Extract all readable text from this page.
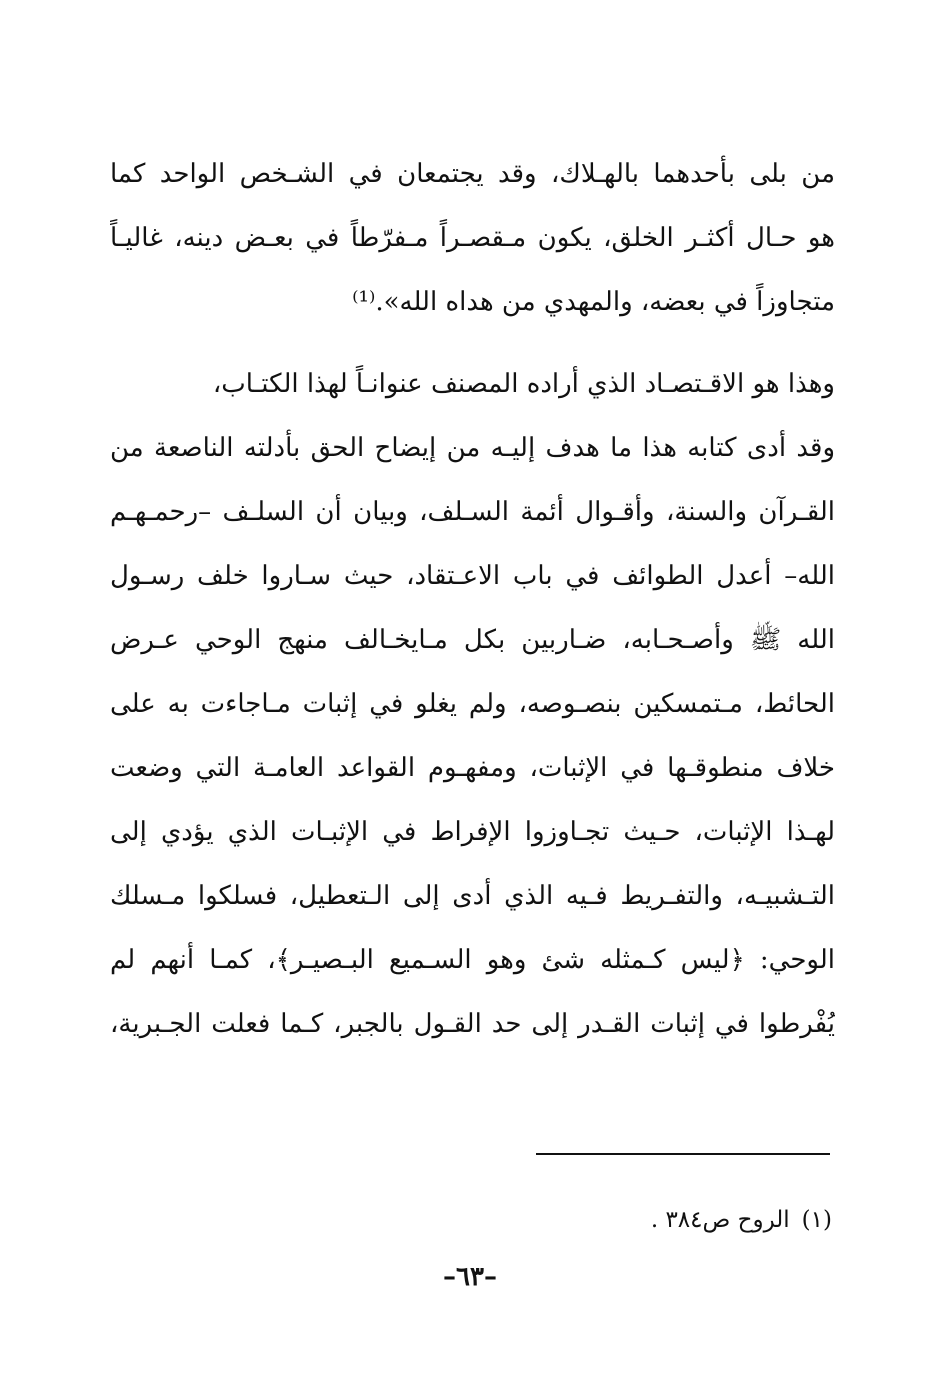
من بلى بأحدهما بالهـلاك، وقد يجتمعان في الشـخص الواحد كما
هو حـال أكثـر الخلق، يكون مـقصـراً مـفرّطاً في بعـض دينه، غاليـاً
متجاوزاً في بعضه، والمهدي من هداه الله».⁽¹⁾
وهذا هو الاقـتصـاد الذي أراده المصنف عنوانـاً لهذا الكتـاب،
وقد أدى كتابه هذا ما هدف إليـه من إيضاح الحق بأدلته الناصعة من
القـرآن والسنة، وأقـوال أئمة السـلف، وبيان أن السلـف –رحمـهـم
الله– أعدل الطوائف في باب الاعـتقاد، حيث سـاروا خلف رسـول
الله ﷺ وأصـحـابه، ضـاربين بكل مـايخـالف منهج الوحي عـرض
الحائط، مـتمسكين بنصـوصه، ولم يغلو في إثبات مـاجاءت به على
خلاف منطوقـها في الإثبات، ومفهـوم القواعد العامـة التي وضعت
لهـذا الإثبات، حـيث تجـاوزوا الإفراط في الإثبـات الذي يؤدي إلى
التـشبيـه، والتفـريط فـيه الذي أدى إلى الـتعطيل، فسلكوا مـسلك
الوحي: ﴿ليس كـمثله شئ وهو السـميع البـصيـر﴾، كمـا أنهم لم
يُفْرطوا في إثبات القـدر إلى حد القـول بالجبر، كـما فعلت الجـبرية،
(١)الروح ص٣٨٤ .
–٦٣–
